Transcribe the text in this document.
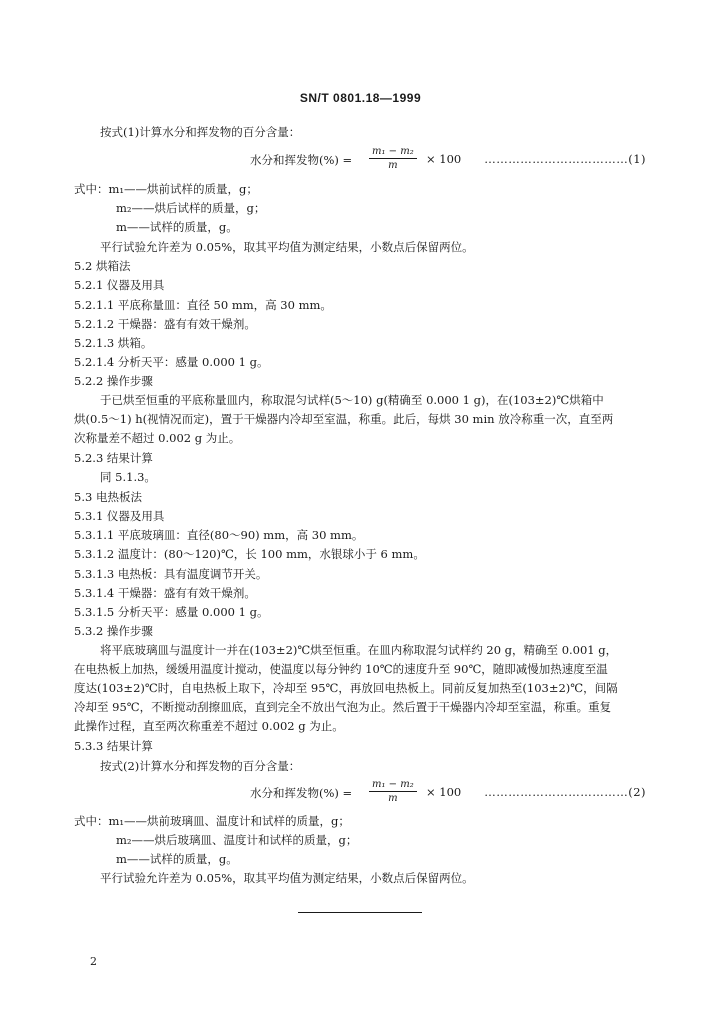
SN/T 0801.18—1999
按式(1)计算水分和挥发物的百分含量：
水分和挥发物(%) = $\frac{\text{m₁ − m₂}}{m} \times 100$ ………………………………(1)
式中：m₁——烘前试样的质量，g；
m₂——烘后试样的质量，g；
m——试样的质量，g。
平行试验允许差为 0.05%，取其平均值为测定结果，小数点后保留两位。
5.2 烘箱法
5.2.1 仪器及用具
5.2.1.1 平底称量皿：直径 50 mm，高 30 mm。
5.2.1.2 干燥器：盛有有效干燥剂。
5.2.1.3 烘箱。
5.2.1.4 分析天平：感量 0.000 1 g。
5.2.2 操作步骤
于已烘至恒重的平底称量皿内，称取混匀试样(5～10) g(精确至 0.000 1 g)，在(103±2)℃烘箱中
烘(0.5～1) h(视情况而定)，置于干燥器内冷却至室温，称重。此后，每烘 30 min 放冷称重一次，直至两
次称量差不超过 0.002 g 为止。
5.2.3 结果计算
同 5.1.3。
5.3 电热板法
5.3.1 仪器及用具
5.3.1.1 平底玻璃皿：直径(80～90) mm，高 30 mm。
5.3.1.2 温度计：(80～120)℃，长 100 mm，水银球小于 6 mm。
5.3.1.3 电热板：具有温度调节开关。
5.3.1.4 干燥器：盛有有效干燥剂。
5.3.1.5 分析天平：感量 0.000 1 g。
5.3.2 操作步骤
将平底玻璃皿与温度计一并在(103±2)℃烘至恒重。在皿内称取混匀试样约 20 g，精确至 0.001 g，
在电热板上加热，缓缓用温度计搅动，使温度以每分钟约 10℃的速度升至 90℃，随即减慢加热速度至温
度达(103±2)℃时，自电热板上取下，冷却至 95℃，再放回电热板上。同前反复加热至(103±2)℃，间隔
冷却至 95℃，不断搅动刮擦皿底，直到完全不放出气泡为止。然后置于干燥器内冷却至室温，称重。重复
此操作过程，直至两次称重差不超过 0.002 g 为止。
5.3.3 结果计算
按式(2)计算水分和挥发物的百分含量：
水分和挥发物(%) = $\frac{\text{m₁ − m₂}}{m} \times 100$ ………………………………(2)
式中：m₁——烘前玻璃皿、温度计和试样的质量，g；
m₂——烘后玻璃皿、温度计和试样的质量，g；
m——试样的质量，g。
平行试验允许差为 0.05%，取其平均值为测定结果，小数点后保留两位。
2
